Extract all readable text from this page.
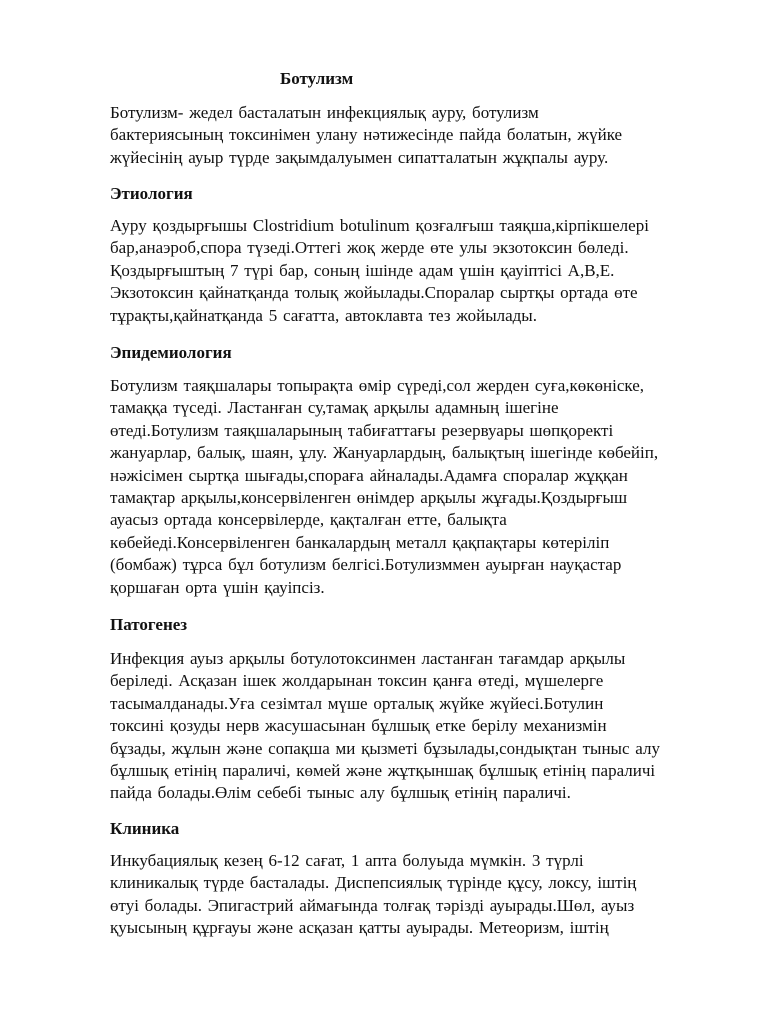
Ботулизм
Ботулизм- жедел басталатын инфекциялық ауру, ботулизм
бактериясының токсинімен улану нәтижесінде пайда болатын, жүйке
жүйесінің ауыр түрде зақымдалуымен сипатталатын жұқпалы ауру.
Этиология
Ауру қоздырғышы Clostridium botulinum қозғалғыш таяқша,кірпікшелері
бар,анаэроб,спора түзеді.Оттегі жоқ жерде өте улы экзотоксин бөледі.
Қоздырғыштың 7 түрі бар, соның ішінде адам үшін қауіптісі А,В,Е.
Экзотоксин қайнатқанда толық жойылады.Споралар сыртқы ортада өте
тұрақты,қайнатқанда 5 сағатта, автоклавта тез жойылады.
Эпидемиология
Ботулизм таяқшалары топырақта өмір сүреді,сол жерден суға,көкөніске,
тамаққа түседі. Ластанған су,тамақ арқылы адамның ішегіне
өтеді.Ботулизм таяқшаларының табиғаттағы резервуары шөпқоректі
жануарлар, балық, шаян, ұлу. Жануарлардың, балықтың ішегінде көбейіп,
нәжісімен сыртқа шығады,спораға айналады.Адамға споралар жұққан
тамақтар арқылы,консервіленген өнімдер арқылы жұғады.Қоздырғыш
ауасыз ортада консервілерде, қақталған етте, балықта
көбейеді.Консервіленген банкалардың металл қақпақтары көтеріліп
(бомбаж) тұрса бұл ботулизм белгісі.Ботулизммен ауырған науқастар
қоршаған орта үшін қауіпсіз.
Патогенез
Инфекция ауыз арқылы ботулотоксинмен ластанған тағамдар арқылы
беріледі. Асқазан ішек жолдарынан токсин қанға өтеді, мүшелерге
тасымалданады.Уға сезімтал мүше орталық жүйке жүйесі.Ботулин
токсині қозуды нерв жасушасынан бұлшық етке берілу механизмін
бұзады, жұлын және сопақша ми қызметі бұзылады,сондықтан тыныс алу
бұлшық етінің параличі, көмей және жұтқыншақ бұлшық етінің параличі
пайда болады.Өлім себебі тыныс алу бұлшық етінің параличі.
Клиника
Инкубациялық кезең 6-12 сағат, 1 апта болуыда мүмкін. 3 түрлі
клиникалық түрде басталады. Диспепсиялық түрінде құсу, локсу, іштің
өтуі болады. Эпигастрий аймағында толғақ тәрізді ауырады.Шөл, ауыз
қуысының құрғауы және асқазан қатты ауырады. Метеоризм, іштің
